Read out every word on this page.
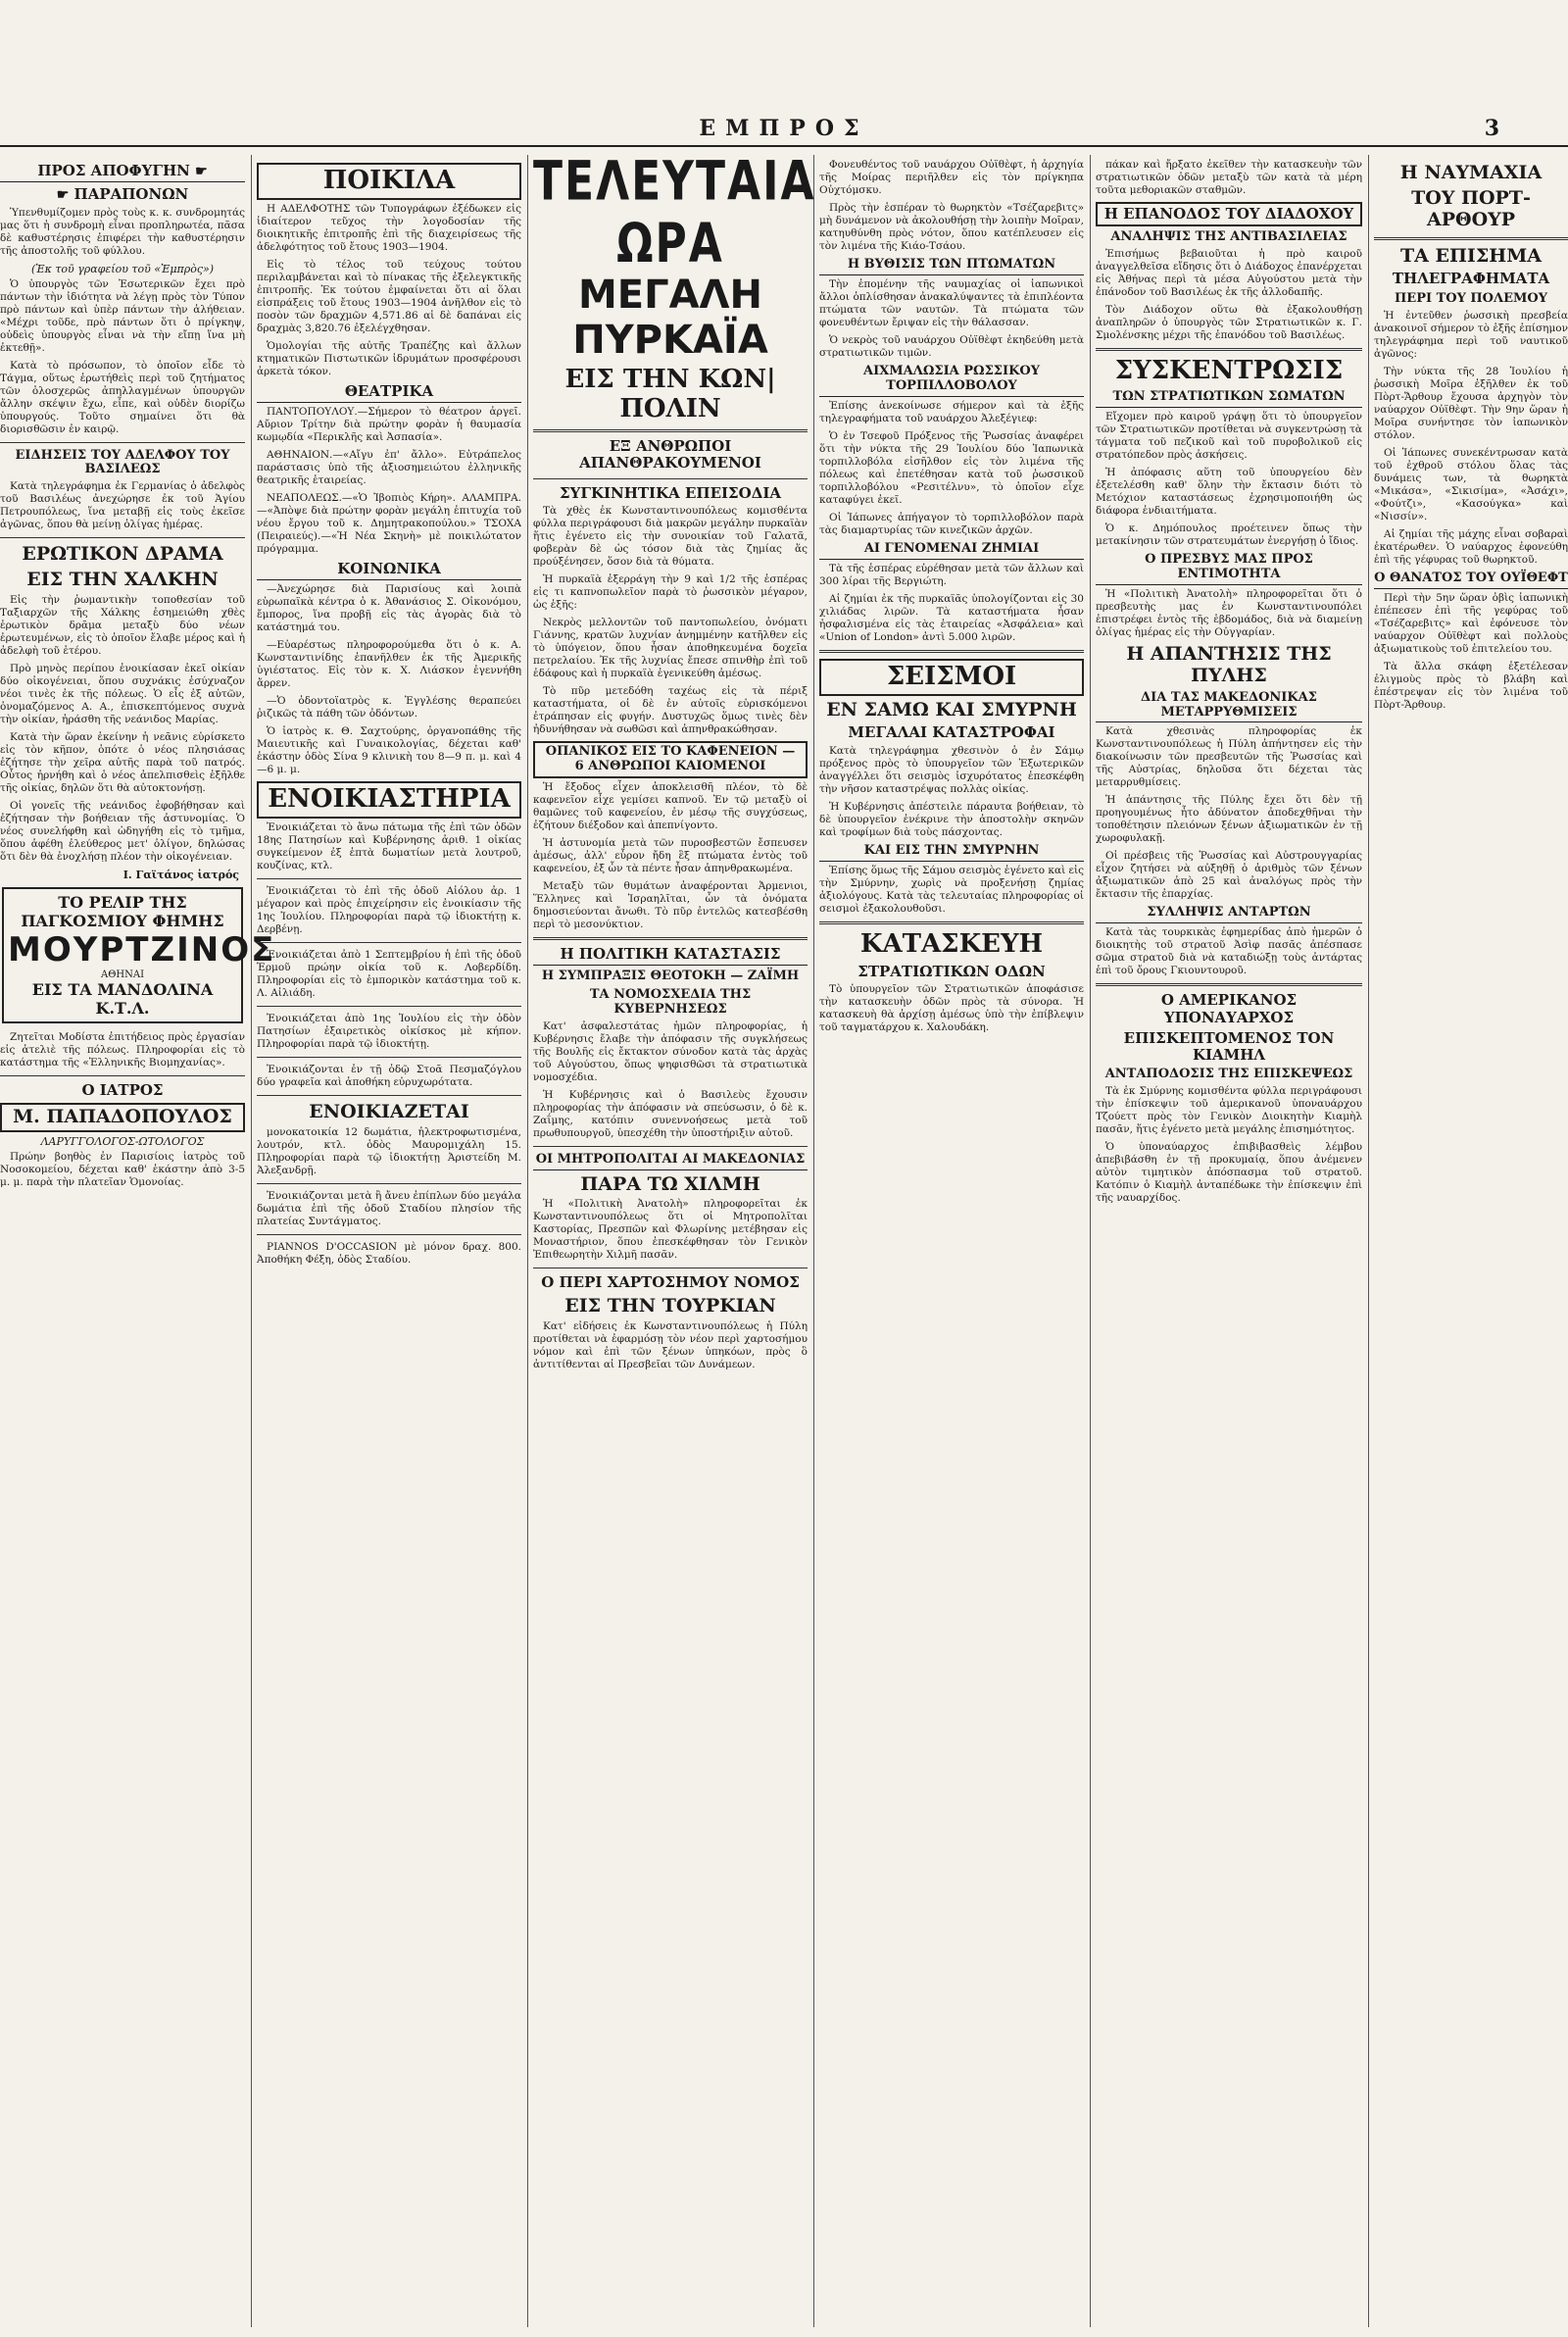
ΕΜΠΡΟΣ	3
ΠΡΟΣ ΑΠΟΦΥΓΗΝ ☛
☛ ΠΑΡΑΠΟΝΩΝ

Ὑπενθυμίζομεν πρὸς τοὺς κ. κ. συνδρομητάς μας ὅτι ἡ συνδρομὴ εἶναι προπληρωτέα, πᾶσα δὲ καθυστέρησις ἐπιφέρει τὴν καθυστέρησιν τῆς ἀποστολῆς τοῦ φύλλου.

(Ἐκ τοῦ γραφείου τοῦ «Ἐμπρὸς»)

Ὁ ὑπουργὸς τῶν Ἐσωτερικῶν ἔχει πρὸ πάντων τὴν ἰδιότητα νὰ λέγῃ πρὸς τὸν Τύπον πρὸ πάντων καὶ ὑπὲρ πάντων τὴν ἀλήθειαν. «Μέχρι τοῦδε, πρὸ πάντων ὅτι ὁ πρίγκηψ, οὐδεὶς ὑπουργὸς εἶναι νὰ τὴν εἴπῃ ἵνα μὴ ἐκτεθῇ».

Κατὰ τὸ πρόσωπον, τὸ ὁποῖον εἶδε τὸ Τάγμα, οὕτως ἐρωτήθεὶς περὶ τοῦ ζητήματος τῶν ὁλοσχερῶς ἀπηλλαγμένων ὑπουργῶν ἄλλην σκέψιν ἔχω, εἶπε, καὶ οὐδὲν διορίζω ὑπουργούς. Τοῦτο σημαίνει ὅτι θὰ διορισθῶσιν ἐν καιρῷ.

ΕΙΔΗΣΕΙΣ ΤΟΥ ΑΔΕΛΦΟΥ ΤΟΥ ΒΑΣΙΛΕΩΣ

Κατὰ τηλεγράφημα ἐκ Γερμανίας ὁ ἀδελφὸς τοῦ Βασιλέως ἀνεχώρησε ἐκ τοῦ Ἁγίου Πετρουπόλεως, ἵνα μεταβῇ εἰς τοὺς ἐκεῖσε ἀγῶνας, ὅπου θὰ μείνῃ ὀλίγας ἡμέρας.

ΕΡΩΤΙΚΟΝ ΔΡΑΜΑ
ΕΙΣ ΤΗΝ ΧΑΛΚΗΝ

Εἰς τὴν ῥωμαντικὴν τοποθεσίαν τοῦ Ταξιαρχῶν τῆς Χάλκης ἐσημειώθη χθὲς ἐρωτικὸν δρᾶμα μεταξὺ δύο νέων ἐρωτευμένων, εἰς τὸ ὁποῖον ἔλαβε μέρος καὶ ἡ ἀδελφὴ τοῦ ἑτέρου.

Πρὸ μηνὸς περίπου ἐνοικίασαν ἐκεῖ οἰκίαν δύο οἰκογένειαι, ὅπου συχνάκις ἐσύχναζον νέοι τινὲς ἐκ τῆς πόλεως. Ὁ εἷς ἐξ αὐτῶν, ὀνομαζόμενος Α. Α., ἐπισκεπτόμενος συχνὰ τὴν οἰκίαν, ἠράσθη τῆς νεάνιδος Μαρίας.

Κατὰ τὴν ὥραν ἐκείνην ἡ νεᾶνις εὑρίσκετο εἰς τὸν κῆπον, ὁπότε ὁ νέος πλησιάσας ἐζήτησε τὴν χεῖρα αὐτῆς παρὰ τοῦ πατρός. Οὗτος ἠρνήθη καὶ ὁ νέος ἀπελπισθεὶς ἐξῆλθε τῆς οἰκίας, δηλῶν ὅτι θὰ αὐτοκτονήσῃ.

Οἱ γονεῖς τῆς νεάνιδος ἐφοβήθησαν καὶ ἐζήτησαν τὴν βοήθειαν τῆς ἀστυνομίας. Ὁ νέος συνελήφθη καὶ ὡδηγήθη εἰς τὸ τμῆμα, ὅπου ἀφέθη ἐλεύθερος μετ' ὀλίγον, δηλώσας ὅτι δὲν θὰ ἐνοχλήσῃ πλέον τὴν οἰκογένειαν.

Ι. Γαϊτάνος ἰατρός
ΤΟ ΡΕΛΙΡ ΤΗΣ ΠΑΓΚΟΣΜΙΟΥ ΦΗΜΗΣ
ΜΟΥΡΤΖΙΝΟΣ
ΑΘΗΝΑΙ
ΕΙΣ ΤΑ ΜΑΝΔΟΛΙΝΑ Κ.Τ.Λ.

Ζητεῖται Μοδίστα ἐπιτήδειος πρὸς ἐργασίαν εἰς ἀτελιὲ τῆς πόλεως. Πληροφορίαι εἰς τὸ κατάστημα τῆς «Ἑλληνικῆς Βιομηχανίας».

Ο ΙΑΤΡΟΣ
Μ. ΠΑΠΑΔΟΠΟΥΛΟΣ
ΛΑΡΥΓΓΟΛΟΓΟΣ-ΩΤΟΛΟΓΟΣ

Πρώην βοηθὸς ἐν Παρισίοις ἰατρὸς τοῦ Νοσοκομείου, δέχεται καθ' ἑκάστην ἀπὸ 3-5 μ. μ. παρὰ τὴν πλατεῖαν Ὁμονοίας.

ΠΟΙΚΙΛΑ

Η ΑΔΕΛΦΟΤΗΣ τῶν Τυπογράφων ἐξέδωκεν εἰς ἰδιαίτερον τεῦχος τὴν λογοδοσίαν τῆς διοικητικῆς ἐπιτροπῆς ἐπὶ τῆς διαχειρίσεως τῆς ἀδελφότητος τοῦ ἔτους 1903—1904.

Εἰς τὸ τέλος τοῦ τεύχους τούτου περιλαμβάνεται καὶ τὸ πίνακας τῆς ἐξελεγκτικῆς ἐπιτροπῆς. Ἐκ τούτου ἐμφαίνεται ὅτι αἱ ὅλαι εἰσπράξεις τοῦ ἔτους 1903—1904 ἀνῆλθον εἰς τὸ ποσὸν τῶν δραχμῶν 4,571.86 αἱ δὲ δαπάναι εἰς δραχμὰς 3,820.76 ἐξελέγχθησαν.

Ὁμολογίαι τῆς αὐτῆς Τραπέζης καὶ ἄλλων κτηματικῶν Πιστωτικῶν ἱδρυμάτων προσφέρουσι ἀρκετὰ τόκον.

ΘΕΑΤΡΙΚΑ

ΠΑΝΤΟΠΟΥΛΟΥ.—Σήμερον τὸ θέατρον ἀργεῖ. Αὔριον Τρίτην διὰ πρώτην φορὰν ἡ θαυμασία κωμῳδία «Περικλῆς καὶ Ἀσπασία».

ΑΘΗΝΑΙΟΝ.—«Αἴγυ ἐπ' ἄλλο». Εὐτράπελος παράστασις ὑπὸ τῆς ἀξιοσημειώτου ἑλληνικῆς θεατρικῆς ἑταιρείας.

ΝΕΑΠΟΛΕΩΣ.—«Ὁ Ἰβοπιὸς Κήρη». ΑΛΑΜΠΡΑ.—«Ἀπὸψε διὰ πρώτην φορὰν μεγάλη ἐπιτυχία τοῦ νέου ἔργου τοῦ κ. Δημητρακοπούλου.» ΤΣΟΧΑ (Πειραιεύς).—«Ἡ Νέα Σκηνὴ» μὲ ποικιλώτατον πρόγραμμα.

ΚΟΙΝΩΝΙΚΑ

—Ἀνεχώρησε διὰ Παρισίους καὶ λοιπὰ εὐρωπαϊκὰ κέντρα ὁ κ. Ἀθανάσιος Σ. Οἰκονόμου, ἔμπορος, ἵνα προβῇ εἰς τὰς ἀγορὰς διὰ τὸ κατάστημά του.

—Εὐαρέστως πληροφορούμεθα ὅτι ὁ κ. Α. Κωνσταντινίδης ἐπανῆλθεν ἐκ τῆς Ἀμερικῆς ὑγιέστατος. Εἰς τὸν κ. Χ. Λιάσκον ἐγεννήθη ἄρρεν.

—Ὁ ὀδοντοϊατρὸς κ. Ἐγγλέσης θεραπεύει ῥιζικῶς τὰ πάθη τῶν ὀδόντων.

Ὁ ἰατρὸς κ. Θ. Σαχτούρης, ὀργανοπάθης τῆς Μαιευτικῆς καὶ Γυναικολογίας, δέχεται καθ' ἑκάστην ὁδὸς Σίνα 9 κλινικὴ του 8—9 π. μ. καὶ 4—6 μ. μ.

ΕΝΟΙΚΙΑΣΤΗΡΙΑ

Ἐνοικιάζεται τὸ ἄνω πάτωμα τῆς ἐπὶ τῶν ὁδῶν 18ης Πατησίων καὶ Κυβέρνησης ἀριθ. 1 οἰκίας συγκείμενον ἐξ ἑπτὰ δωματίων μετὰ λουτροῦ, κουζίνας, κτλ.

Ἐνοικιάζεται τὸ ἐπὶ τῆς ὁδοῦ Αἰόλου ἀρ. 1 μέγαρον καὶ πρὸς ἐπιχείρησιν εἰς ἐνοικίασιν τῆς 1ης Ἰουλίου. Πληροφορίαι παρὰ τῷ ἰδιοκτήτῃ κ. Δερβένῃ.

Ἐνοικιάζεται ἀπὸ 1 Σεπτεμβρίου ἡ ἐπὶ τῆς ὁδοῦ Ἑρμοῦ πρώην οἰκία τοῦ κ. Λοβερδίδη. Πληροφορίαι εἰς τὸ ἐμπορικὸν κατάστημα τοῦ κ. Λ. Αἰλιάδη.

Ἐνοικιάζεται ἀπὸ 1ης Ἰουλίου εἰς τὴν ὁδὸν Πατησίων ἐξαιρετικὸς οἰκίσκος μὲ κήπον. Πληροφορίαι παρὰ τῷ ἰδιοκτήτῃ.

Ἐνοικιάζονται ἐν τῇ ὁδῷ Στοᾶ Πεσμαζόγλου δύο γραφεῖα καὶ ἀποθήκη εὐρυχωρότατα.

ΕΝΟΙΚΙΑΖΕΤΑΙ

μονοκατοικία 12 δωμάτια, ἠλεκτροφωτισμένα, λουτρόν, κτλ. ὁδὸς Μαυρομιχάλη 15. Πληροφορίαι παρὰ τῷ ἰδιοκτήτῃ Ἀριστείδη Μ. Ἀλεξανδρῇ.

Ἐνοικιάζονται μετὰ ἢ ἄνευ ἐπίπλων δύο μεγάλα δωμάτια ἐπὶ τῆς ὁδοῦ Σταδίου πλησίον τῆς πλατείας Συντάγματος.

PIANNOS D'OCCASION μὲ μόνον δραχ. 800. Ἀποθήκη Φέξη, ὁδὸς Σταδίου.

ΤΕΛΕΥΤΑΙΑ ΩΡΑ
ΜΕΓΑΛΗ ΠΥΡΚΑΪΑ
ΕΙΣ ΤΗΝ ΚΩΝ|ΠΟΛΙΝ
ΕΞ ΑΝΘΡΩΠΟΙ ΑΠΑΝΘΡΑΚΟΥΜΕΝΟΙ
ΣΥΓΚΙΝΗΤΙΚΑ ΕΠΕΙΣΟΔΙΑ

Τὰ χθὲς ἐκ Κωνσταντινουπόλεως κομισθέντα φύλλα περιγράφουσι διὰ μακρῶν μεγάλην πυρκαϊὰν ἥτις ἐγένετο εἰς τὴν συνοικίαν τοῦ Γαλατᾶ, φοβερὰν δὲ ὡς τόσον διὰ τὰς ζημίας ἅς προύξένησεν, ὅσον διὰ τὰ θύματα.

Ἡ πυρκαϊὰ ἐξερράγη τὴν 9 καὶ 1/2 τῆς ἑσπέρας εἰς τι καπνοπωλεῖον παρὰ τὸ ῥωσσικὸν μέγαρον, ὡς ἑξῆς:

Νεκρὸς μελλοντῶν τοῦ παντοπωλείου, ὀνόματι Γιάννης, κρατῶν λυχνίαν ἀνημμένην κατῆλθεν εἰς τὸ ὑπόγειον, ὅπου ἦσαν ἀποθηκευμένα δοχεῖα πετρελαίου. Ἐκ τῆς λυχνίας ἔπεσε σπινθὴρ ἐπὶ τοῦ ἐδάφους καὶ ἡ πυρκαϊὰ ἐγενικεύθη ἀμέσως.

Τὸ πῦρ μετεδόθη ταχέως εἰς τὰ πέριξ καταστήματα, οἱ δὲ ἐν αὐτοῖς εὑρισκόμενοι ἐτράπησαν εἰς φυγήν. Δυστυχῶς ὅμως τινὲς δὲν ἠδυνήθησαν νὰ σωθῶσι καὶ ἀπηνθρακώθησαν.

ΟΠΑΝΙΚΟΣ ΕΙΣ ΤΟ ΚΑΦΕΝΕΙΟΝ — 6 ΑΝΘΡΩΠΟΙ ΚΑΙΟΜΕΝΟΙ

Ἡ ἔξοδος εἶχεν ἀποκλεισθῆ πλέον, τὸ δὲ καφενεῖον εἶχε γεμίσει καπνοῦ. Ἐν τῷ μεταξὺ οἱ θαμῶνες τοῦ καφενείου, ἐν μέσῳ τῆς συγχύσεως, ἐζήτουν διέξοδον καὶ ἀπεπνίγοντο.

Ἡ ἀστυνομία μετὰ τῶν πυροσβεστῶν ἔσπευσεν ἀμέσως, ἀλλ' εὗρον ἤδη ἓξ πτώματα ἐντὸς τοῦ καφενείου, ἐξ ὧν τὰ πέντε ἦσαν ἀπηνθρακωμένα.

Μεταξὺ τῶν θυμάτων ἀναφέρονται Ἀρμενιοι, Ἕλληνες καὶ Ἰσραηλῖται, ὧν τὰ ὀνόματα δημοσιεύονται ἄνωθι. Τὸ πῦρ ἐντελῶς κατεσβέσθη περὶ τὸ μεσονύκτιον.

Η ΠΟΛΙΤΙΚΗ ΚΑΤΑΣΤΑΣΙΣ
Η ΣΥΜΠΡΑΞΙΣ ΘΕΟΤΟΚΗ — ΖΑΪΜΗ
ΤΑ ΝΟΜΟΣΧΕΔΙΑ ΤΗΣ ΚΥΒΕΡΝΗΣΕΩΣ

Κατ' ἀσφαλεστάτας ἡμῶν πληροφορίας, ἡ Κυβέρνησις ἔλαβε τὴν ἀπόφασιν τῆς συγκλήσεως τῆς Βουλῆς εἰς ἔκτακτον σύνοδον κατὰ τὰς ἀρχὰς τοῦ Αὐγούστου, ὅπως ψηφισθῶσι τὰ στρατιωτικὰ νομοσχέδια.

Ἡ Κυβέρνησις καὶ ὁ Βασιλεὺς ἔχουσιν πληροφορίας τὴν ἀπόφασιν νὰ σπεύσωσιν, ὁ δὲ κ. Ζαΐμης, κατόπιν συνεννοήσεως μετὰ τοῦ πρωθυπουργοῦ, ὑπεσχέθη τὴν ὑποστήριξιν αὐτοῦ.

ΟΙ ΜΗΤΡΟΠΟΛΙΤΑΙ ΑΙ ΜΑΚΕΔΟΝΙΑΣ
ΠΑΡΑ ΤΩ ΧΙΛΜΗ

Ἡ «Πολιτικὴ Ἀνατολὴ» πληροφορεῖται ἐκ Κωνσταντινουπόλεως ὅτι οἱ Μητροπολῖται Καστορίας, Πρεσπῶν καὶ Φλωρίνης μετέβησαν εἰς Μοναστήριον, ὅπου ἐπεσκέφθησαν τὸν Γενικὸν Ἐπιθεωρητὴν Χιλμῆ πασᾶν.

Ο ΠΕΡΙ ΧΑΡΤΟΣΗΜΟΥ ΝΟΜΟΣ
ΕΙΣ ΤΗΝ ΤΟΥΡΚΙΑΝ

Κατ' εἰδήσεις ἐκ Κωνσταντινουπόλεως ἡ Πύλη προτίθεται νὰ ἐφαρμόσῃ τὸν νέον περὶ χαρτοσήμου νόμον καὶ ἐπὶ τῶν ξένων ὑπηκόων, πρὸς ὃ ἀντιτίθενται αἱ Πρεσβεῖαι τῶν Δυνάμεων.

Φονευθέντος τοῦ ναυάρχου Οὐϊθὲφτ, ἡ ἀρχηγία τῆς Μοίρας περιῆλθεν εἰς τὸν πρίγκηπα Οὐχτόμσκυ.

Πρὸς τὴν ἑσπέραν τὸ θωρηκτὸν «Τσέζαρεβιτς» μὴ δυνάμενον νὰ ἀκολουθήσῃ τὴν λοιπὴν Μοῖραν, κατηυθύνθη πρὸς νότον, ὅπου κατέπλευσεν εἰς τὸν λιμένα τῆς Κιάο-Τσάου.

Η ΒΥΘΙΣΙΣ ΤΩΝ ΠΤΩΜΑΤΩΝ

Τὴν ἐπομένην τῆς ναυμαχίας οἱ ἰαπωνικοὶ ἄλλοι ὁπλίσθησαν ἀνακαλύψαντες τὰ ἐπιπλέοντα πτώματα τῶν ναυτῶν. Τὰ πτώματα τῶν φονευθέντων ἔριψαν εἰς τὴν θάλασσαν.

Ὁ νεκρὸς τοῦ ναυάρχου Οὐϊθὲφτ ἐκηδεύθη μετὰ στρατιωτικῶν τιμῶν.

ΑΙΧΜΑΛΩΣΙΑ ΡΩΣΣΙΚΟΥ ΤΟΡΠΙΛΛΟΒΟΛΟΥ

Ἐπίσης ἀνεκοίνωσε σήμερον καὶ τὰ ἑξῆς τηλεγραφήματα τοῦ ναυάρχου Ἀλεξέγιεφ:

Ὁ ἐν Τσεφοῦ Πρόξενος τῆς Ῥωσσίας ἀναφέρει ὅτι τὴν νύκτα τῆς 29 Ἰουλίου δύο Ἰαπωνικὰ τορπιλλοβόλα εἰσῆλθον εἰς τὸν λιμένα τῆς πόλεως καὶ ἐπετέθησαν κατὰ τοῦ ῥωσσικοῦ τορπιλλοβόλου «Ρεσιτέλνυ», τὸ ὁποῖον εἶχε καταφύγει ἐκεῖ.

Οἱ Ἰάπωνες ἀπήγαγον τὸ τορπιλλοβόλον παρὰ τὰς διαμαρτυρίας τῶν κινεζικῶν ἀρχῶν.

ΑΙ ΓΕΝΟΜΕΝΑΙ ΖΗΜΙΑΙ

Τὰ τῆς ἑσπέρας εὑρέθησαν μετὰ τῶν ἄλλων καὶ 300 λίραι τῆς Βεργιώτη.

Αἱ ζημίαι ἐκ τῆς πυρκαϊᾶς ὑπολογίζονται εἰς 30 χιλιάδας λιρῶν. Τὰ καταστήματα ἦσαν ἠσφαλισμένα εἰς τὰς ἑταιρείας «Ἀσφάλεια» καὶ «Union of London» ἀντὶ 5.000 λιρῶν.

ΣΕΙΣΜΟΙ
ΕΝ ΣΑΜΩ ΚΑΙ ΣΜΥΡΝΗ
ΜΕΓΑΛΑΙ ΚΑΤΑΣΤΡΟΦΑΙ

Κατὰ τηλεγράφημα χθεσινὸν ὁ ἐν Σάμῳ πρόξενος πρὸς τὸ ὑπουργεῖον τῶν Ἐξωτερικῶν ἀναγγέλλει ὅτι σεισμὸς ἰσχυρότατος ἐπεσκέφθη τὴν νῆσον καταστρέψας πολλὰς οἰκίας.

Ἡ Κυβέρνησις ἀπέστειλε πάραυτα βοήθειαν, τὸ δὲ ὑπουργεῖον ἐνέκρινε τὴν ἀποστολὴν σκηνῶν καὶ τροφίμων διὰ τοὺς πάσχοντας.

ΚΑΙ ΕΙΣ ΤΗΝ ΣΜΥΡΝΗΝ

Ἐπίσης ὅμως τῆς Σάμου σεισμὸς ἐγένετο καὶ εἰς τὴν Σμύρνην, χωρὶς νὰ προξενήσῃ ζημίας ἀξιολόγους. Κατὰ τὰς τελευταίας πληροφορίας οἱ σεισμοὶ ἐξακολουθοῦσι.

ΚΑΤΑΣΚΕΥΗ
ΣΤΡΑΤΙΩΤΙΚΩΝ ΟΔΩΝ

Τὸ ὑπουργεῖον τῶν Στρατιωτικῶν ἀποφάσισε τὴν κατασκευὴν ὁδῶν πρὸς τὰ σύνορα. Ἡ κατασκευὴ θὰ ἀρχίσῃ ἀμέσως ὑπὸ τὴν ἐπίβλεψιν τοῦ ταγματάρχου κ. Χαλουδάκη.

πάκαν καὶ ἤρξατο ἐκεῖθεν τὴν κατασκευὴν τῶν στρατιωτικῶν ὁδῶν μεταξὺ τῶν κατὰ τὰ μέρη τοῦτα μεθοριακῶν σταθμῶν.

Η ΕΠΑΝΟΔΟΣ ΤΟΥ ΔΙΑΔΟΧΟΥ
ΑΝΑΛΗΨΙΣ ΤΗΣ ΑΝΤΙΒΑΣΙΛΕΙΑΣ

Ἐπισήμως βεβαιοῦται ἡ πρὸ καιροῦ ἀναγγελθεῖσα εἴδησις ὅτι ὁ Διάδοχος ἐπανέρχεται εἰς Ἀθήνας περὶ τὰ μέσα Αὐγούστου μετὰ τὴν ἐπάνοδον τοῦ Βασιλέως ἐκ τῆς ἀλλοδαπῆς.

Τὸν Διάδοχον οὕτω θὰ ἐξακολουθήσῃ ἀναπληρῶν ὁ ὑπουργὸς τῶν Στρατιωτικῶν κ. Γ. Σμολένσκης μέχρι τῆς ἐπανόδου τοῦ Βασιλέως.

ΣΥΣΚΕΝΤΡΩΣΙΣ
ΤΩΝ ΣΤΡΑΤΙΩΤΙΚΩΝ ΣΩΜΑΤΩΝ

Εἴχομεν πρὸ καιροῦ γράψῃ ὅτι τὸ ὑπουργεῖον τῶν Στρατιωτικῶν προτίθεται νὰ συγκεντρώσῃ τὰ τάγματα τοῦ πεζικοῦ καὶ τοῦ πυροβολικοῦ εἰς στρατόπεδον πρὸς ἀσκήσεις.

Ἡ ἀπόφασις αὕτη τοῦ ὑπουργείου δὲν ἐξετελέσθη καθ' ὅλην τὴν ἔκτασιν διότι τὸ Μετόχιον καταστάσεως ἐχρησιμοποιήθη ὡς διάφορα ἐνδιαιτήματα.

Ὁ κ. Δημόπουλος προέτεινεν ὅπως τὴν μετακίνησιν τῶν στρατευμάτων ἐνεργήσῃ ὁ ἴδιος.

Ο ΠΡΕΣΒΥΣ ΜΑΣ ΠΡΟΣ ΕΝΤΙΜΟΤΗΤΑ

Ἡ «Πολιτικὴ Ἀνατολὴ» πληροφορεῖται ὅτι ὁ πρεσβευτὴς μας ἐν Κωνσταντινουπόλει ἐπιστρέφει ἐντὸς τῆς ἑβδομάδος, διὰ νὰ διαμείνῃ ὀλίγας ἡμέρας εἰς τὴν Οὐγγαρίαν.

Η ΑΠΑΝΤΗΣΙΣ ΤΗΣ ΠΥΛΗΣ
ΔΙΑ ΤΑΣ ΜΑΚΕΔΟΝΙΚΑΣ ΜΕΤΑΡΡΥΘΜΙΣΕΙΣ

Κατὰ χθεσινὰς πληροφορίας ἐκ Κωνσταντινουπόλεως ἡ Πύλη ἀπήντησεν εἰς τὴν διακοίνωσιν τῶν πρεσβευτῶν τῆς Ῥωσσίας καὶ τῆς Αὐστρίας, δηλοῦσα ὅτι δέχεται τὰς μεταρρυθμίσεις.

Ἡ ἀπάντησις τῆς Πύλης ἔχει ὅτι δὲν τῇ προηγουμένως ἦτο ἀδύνατον ἀποδεχθῆναι τὴν τοποθέτησιν πλειόνων ξένων ἀξιωματικῶν ἐν τῇ χωροφυλακῇ.

Οἱ πρέσβεις τῆς Ῥωσσίας καὶ Αὐστρουγγαρίας εἶχον ζητήσει νὰ αὐξηθῇ ὁ ἀριθμὸς τῶν ξένων ἀξιωματικῶν ἀπὸ 25 καὶ ἀναλόγως πρὸς τὴν ἔκτασιν τῆς ἐπαρχίας.

ΣΥΛΛΗΨΙΣ ΑΝΤΑΡΤΩΝ

Κατὰ τὰς τουρκικὰς ἐφημερίδας ἀπὸ ἡμερῶν ὁ διοικητὴς τοῦ στρατοῦ Ἀσὶφ πασᾶς ἀπέσπασε σῶμα στρατοῦ διὰ νὰ καταδιώξῃ τοὺς ἀντάρτας ἐπὶ τοῦ ὄρους Γκιουντουροῦ.

Ο ΑΜΕΡΙΚΑΝΟΣ ΥΠΟΝΑΥΑΡΧΟΣ
ΕΠΙΣΚΕΠΤΟΜΕΝΟΣ ΤΟΝ ΚΙΑΜΗΛ
ΑΝΤΑΠΟΔΟΣΙΣ ΤΗΣ ΕΠΙΣΚΕΨΕΩΣ

Τὰ ἐκ Σμύρνης κομισθέντα φύλλα περιγράφουσι τὴν ἐπίσκεψιν τοῦ ἀμερικανοῦ ὑποναυάρχου Τζούεττ πρὸς τὸν Γενικὸν Διοικητὴν Κιαμὴλ πασᾶν, ἥτις ἐγένετο μετὰ μεγάλης ἐπισημότητος.

Ὁ ὑποναύαρχος ἐπιβιβασθεὶς λέμβου ἀπεβιβάσθη ἐν τῇ προκυμαίᾳ, ὅπου ἀνέμενεν αὐτὸν τιμητικὸν ἀπόσπασμα τοῦ στρατοῦ. Κατόπιν ὁ Κιαμὴλ ἀνταπέδωκε τὴν ἐπίσκεψιν ἐπὶ τῆς ναυαρχίδος.

Η ΝΑΥΜΑΧΙΑ
ΤΟΥ ΠΟΡΤ-ΑΡΘΟΥΡ
ΤΑ ΕΠΙΣΗΜΑ
ΤΗΛΕΓΡΑΦΗΜΑΤΑ
ΠΕΡΙ ΤΟΥ ΠΟΛΕΜΟΥ

Ἡ ἐντεῦθεν ῥωσσικὴ πρεσβεία ἀνακοινοῖ σήμερον τὸ ἑξῆς ἐπίσημον τηλεγράφημα περὶ τοῦ ναυτικοῦ ἀγῶνος:

Τὴν νύκτα τῆς 28 Ἰουλίου ἡ ῥωσσικὴ Μοῖρα ἐξῆλθεν ἐκ τοῦ Πὸρτ-Ἄρθουρ ἔχουσα ἀρχηγὸν τὸν ναύαρχον Οὐϊθὲφτ. Τὴν 9ην ὥραν ἡ Μοῖρα συνήντησε τὸν ἰαπωνικὸν στόλον.

Οἱ Ἰάπωνες συνεκέντρωσαν κατὰ τοῦ ἐχθροῦ στόλου ὅλας τὰς δυνάμεις των, τὰ θωρηκτὰ «Μικάσα», «Σικισίμα», «Ἀσάχι», «Φούτζι», «Κασούγκα» καὶ «Νισσίν».

Αἱ ζημίαι τῆς μάχης εἶναι σοβαραὶ ἐκατέρωθεν. Ὁ ναύαρχος ἐφονεύθη ἐπὶ τῆς γέφυρας τοῦ θωρηκτοῦ.

Ο ΘΑΝΑΤΟΣ ΤΟΥ ΟΥΪΘΕΦΤ

Περὶ τὴν 5ην ὥραν ὀβὶς ἰαπωνικὴ ἐπέπεσεν ἐπὶ τῆς γεφύρας τοῦ «Τσέζαρεβιτς» καὶ ἐφόνευσε τὸν ναύαρχον Οὐϊθὲφτ καὶ πολλοὺς ἀξιωματικοὺς τοῦ ἐπιτελείου του.

Τὰ ἄλλα σκάφη ἐξετέλεσαν ἐλιγμοὺς πρὸς τὸ βλάβη καὶ ἐπέστρεψαν εἰς τὸν λιμένα τοῦ Πὸρτ-Ἄρθουρ.
